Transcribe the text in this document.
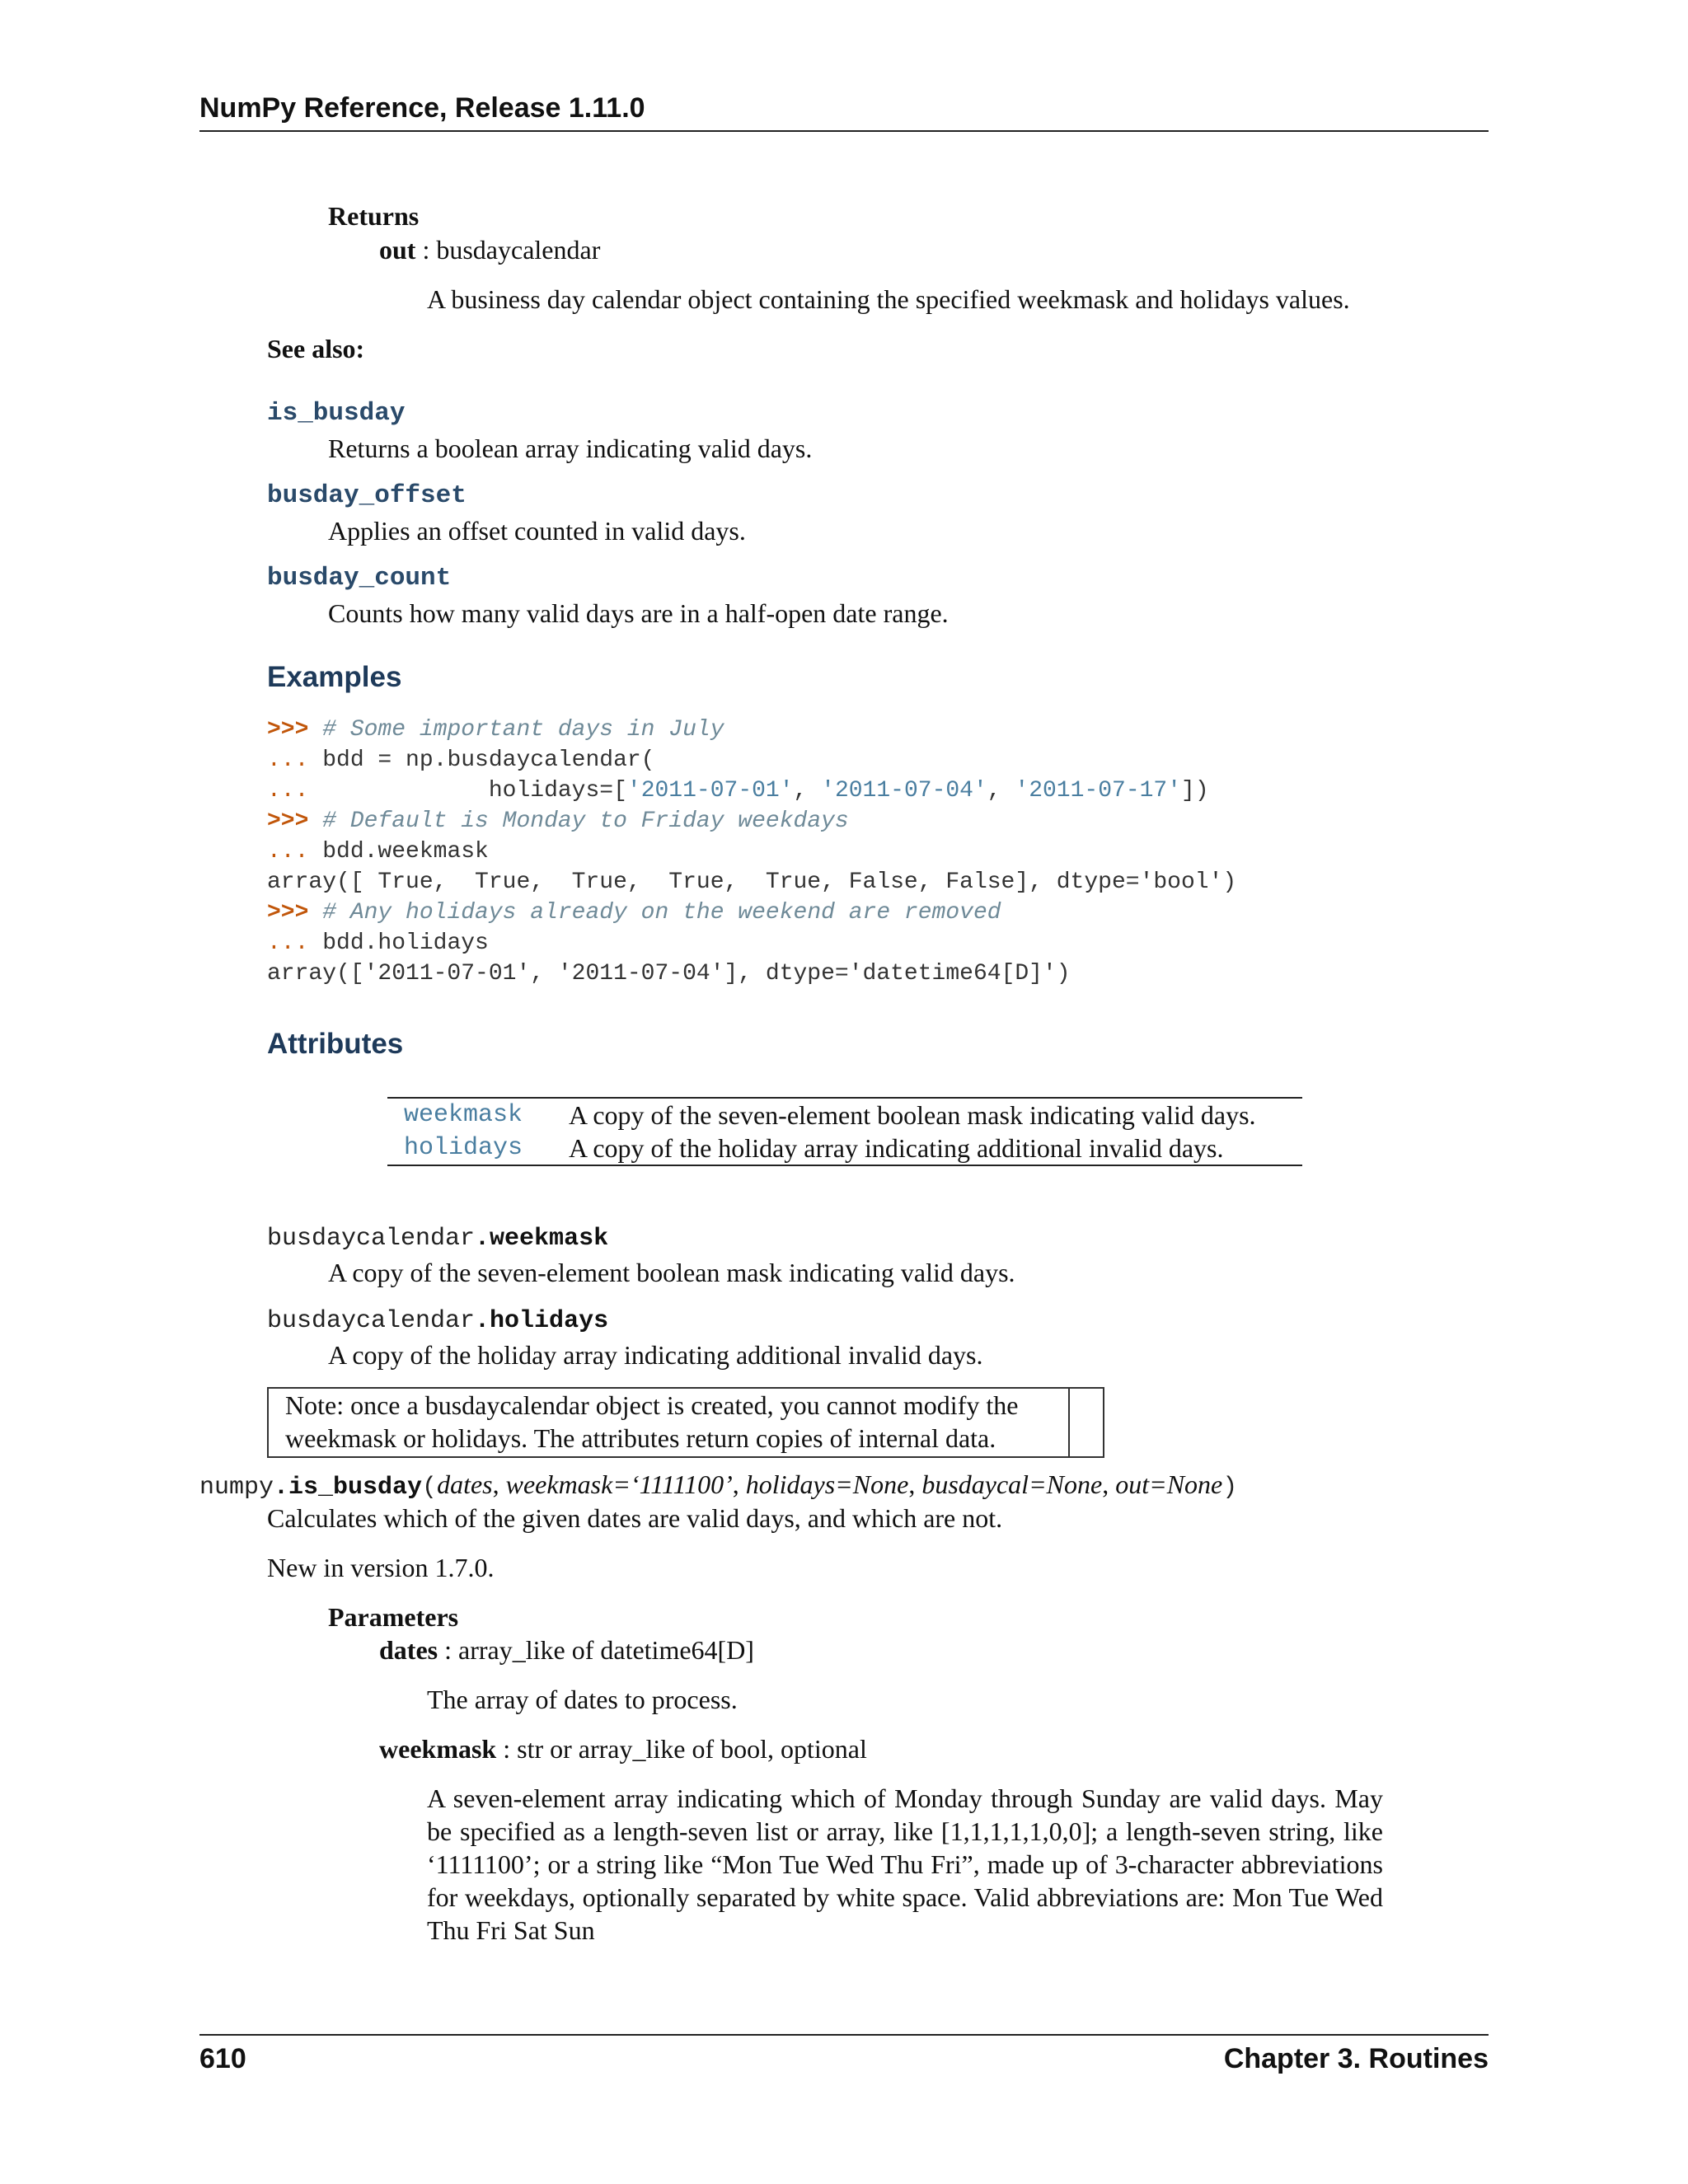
NumPy Reference, Release 1.11.0
Returns
out : busdaycalendar
A business day calendar object containing the specified weekmask and holidays values.
See also:
is_busday
Returns a boolean array indicating valid days.
busday_offset
Applies an offset counted in valid days.
busday_count
Counts how many valid days are in a half-open date range.
Examples
>>> # Some important days in July
... bdd = np.busdaycalendar(
...             holidays=['2011-07-01', '2011-07-04', '2011-07-17'])
>>> # Default is Monday to Friday weekdays
... bdd.weekmask
array([ True,  True,  True,  True,  True, False, False], dtype='bool')
>>> # Any holidays already on the weekend are removed
... bdd.holidays
array(['2011-07-01', '2011-07-04'], dtype='datetime64[D]')
Attributes
weekmask	A copy of the seven-element boolean mask indicating valid days.
holidays	A copy of the holiday array indicating additional invalid days.
busdaycalendar.weekmask
A copy of the seven-element boolean mask indicating valid days.
busdaycalendar.holidays
A copy of the holiday array indicating additional invalid days.
Note: once a busdaycalendar object is created, you cannot modify the
weekmask or holidays. The attributes return copies of internal data.
numpy.is_busday(dates, weekmask=‘1111100’, holidays=None, busdaycal=None, out=None)
Calculates which of the given dates are valid days, and which are not.
New in version 1.7.0.
Parameters
dates : array_like of datetime64[D]
The array of dates to process.
weekmask : str or array_like of bool, optional
A seven-element array indicating which of Monday through Sunday are valid days. May be specified as a length-seven list or array, like [1,1,1,1,1,0,0]; a length-seven string, like ‘1111100’; or a string like “Mon Tue Wed Thu Fri”, made up of 3-character abbreviations for weekdays, optionally separated by white space. Valid abbreviations are: Mon Tue Wed Thu Fri Sat Sun
610	Chapter 3. Routines
